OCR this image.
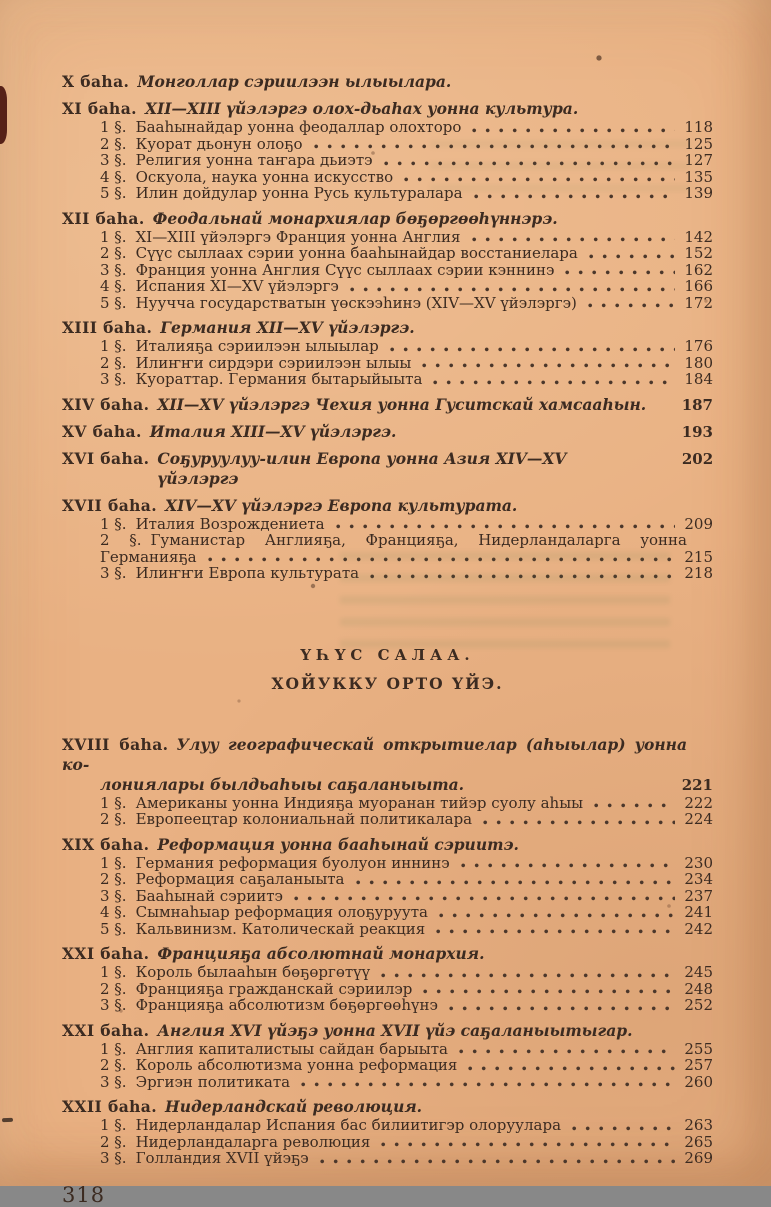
X баһа. Монголлар сэриилээн ылыылара.
XI баһа. XII—XIII үйэлэргэ олох-дьаһах уонна культура.
1 §. Бааһынайдар уонна феодаллар олохторо	118
2 §. Куорат дьонун олоҕо	125
3 §. Религия уонна таҥара дьиэтэ	127
4 §. Оскуола, наука уонна искусство	135
5 §. Илин дойдулар уонна Русь культуралара	139
XII баһа. Феодальнай монархиялар бөҕөргөөһүннэрэ.
1 §. XI—XIII үйэлэргэ Франция уонна Англия	142
2 §. Сүүс сыллаах сэрии уонна бааһынайдар восстаниелара	152
3 §. Франция уонна Англия Сүүс сыллаах сэрии кэннинэ	162
4 §. Испания XI—XV үйэлэргэ	166
5 §. Нуучча государстватын үөскээһинэ (XIV—XV үйэлэргэ)	172
XIII баһа. Германия XII—XV үйэлэргэ.
1 §. Италияҕа сэриилээн ылыылар	176
2 §. Илиҥҥи сирдэри сэриилээн ылыы	180
3 §. Куораттар. Германия бытарыйыыта	184
XIV баһа. XII—XV үйэлэргэ Чехия уонна Гуситскай хамсааһын. 187
XV баһа. Италия XIII—XV үйэлэргэ.	193
XVI баһа. Соҕуруулуу-илин Европа уонна Азия XIV—XV үйэлэргэ
202
XVII баһа. XIV—XV үйэлэргэ Европа культурата.
1 §. Италия Возрождениета	209
2 §. Гуманистар Англияҕа, Францияҕа, Нидерландаларга уонна
Германияҕа	215
3 §. Илиҥҥи Европа культурата	218
ҮҺҮС САЛАА.
ХОЙУККУ ОРТО ҮЙЭ.
XVIII баһа. Улуу географическай открытиелар (аһыылар) уонна ко-
лониялары былдьаһыы саҕаланыыта.	221
1 §. Американы уонна Индияҕа муоранан тийэр суолу аһыы	222
2 §. Европеецтар колониальнай политикалара	224
XIX баһа. Реформация уонна бааһынай сэриитэ.
1 §. Германия реформация буолуон иннинэ	230
2 §. Реформация саҕаланыыта	234
3 §. Бааһынай сэриитэ	237
4 §. Сымнаһыар реформация олоҕуруута	241
5 §. Кальвинизм. Католическай реакция	242
XXI баһа. Францияҕа абсолютнай монархия.
1 §. Король былааһын бөҕөргөтүү	245
2 §. Францияҕа гражданскай сэриилэр	248
3 §. Францияҕа абсолютизм бөҕөргөөһүнэ	252
XXI баһа. Англия XVI үйэҕэ уонна XVII үйэ саҕаланыытыгар.
1 §. Англия капиталистыы сайдан барыыта	255
2 §. Король абсолютизма уонна реформация	257
3 §. Эргиэн политиката	260
XXII баһа. Нидерландскай революция.
1 §. Нидерландалар Испания бас билиитигэр олоруулара	263
2 §. Нидерландаларга революция	265
3 §. Голландия XVII үйэҕэ	269
318
